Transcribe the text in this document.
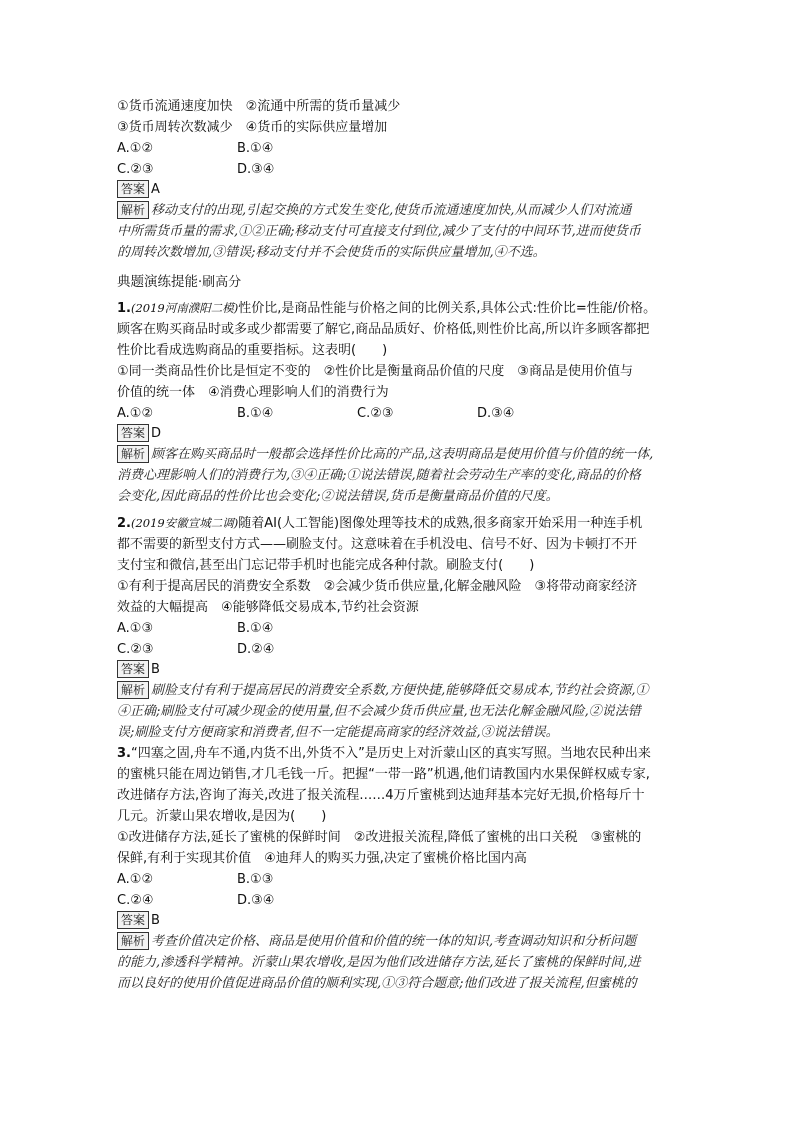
①货币流通速度加快　②流通中所需的货币量减少
③货币周转次数减少　④货币的实际供应量增加
A.①②	B.①④
C.②③	D.③④
答案 A
解析 移动支付的出现,引起交换的方式发生变化,使货币流通速度加快,从而减少人们对流通
中所需货币量的需求,①②正确;移动支付可直接支付到位,减少了支付的中间环节,进而使货币
的周转次数增加,③错误;移动支付并不会使货币的实际供应量增加,④不选。
典题演练提能·刷高分
1.(2019河南濮阳二模)性价比,是商品性能与价格之间的比例关系,具体公式:性价比=性能/价格。
顾客在购买商品时或多或少都需要了解它,商品品质好、价格低,则性价比高,所以许多顾客都把
性价比看成选购商品的重要指标。这表明(　　)
①同一类商品性价比是恒定不变的　②性价比是衡量商品价值的尺度　③商品是使用价值与
价值的统一体　④消费心理影响人们的消费行为
A.①②	B.①④	C.②③	D.③④
答案 D
解析 顾客在购买商品时一般都会选择性价比高的产品,这表明商品是使用价值与价值的统一体,
消费心理影响人们的消费行为,③④正确;①说法错误,随着社会劳动生产率的变化,商品的价格
会变化,因此商品的性价比也会变化;②说法错误,货币是衡量商品价值的尺度。
2.(2019安徽宣城二调)随着AI(人工智能)图像处理等技术的成熟,很多商家开始采用一种连手机
都不需要的新型支付方式——刷脸支付。这意味着在手机没电、信号不好、因为卡顿打不开
支付宝和微信,甚至出门忘记带手机时也能完成各种付款。刷脸支付(　　)
①有利于提高居民的消费安全系数　②会减少货币供应量,化解金融风险　③将带动商家经济
效益的大幅提高　④能够降低交易成本,节约社会资源
A.①③	B.①④
C.②③	D.②④
答案 B
解析 刷脸支付有利于提高居民的消费安全系数,方便快捷,能够降低交易成本,节约社会资源,①
④正确;刷脸支付可减少现金的使用量,但不会减少货币供应量,也无法化解金融风险,②说法错
误;刷脸支付方便商家和消费者,但不一定能提高商家的经济效益,③说法错误。
3.“四塞之固,舟车不通,内货不出,外货不入”是历史上对沂蒙山区的真实写照。当地农民种出来
的蜜桃只能在周边销售,才几毛钱一斤。把握“一带一路”机遇,他们请教国内水果保鲜权威专家,
改进储存方法,咨询了海关,改进了报关流程……4万斤蜜桃到达迪拜基本完好无损,价格每斤十
几元。沂蒙山果农增收,是因为(　　)
①改进储存方法,延长了蜜桃的保鲜时间　②改进报关流程,降低了蜜桃的出口关税　③蜜桃的
保鲜,有利于实现其价值　④迪拜人的购买力强,决定了蜜桃价格比国内高
A.①②	B.①③
C.②④	D.③④
答案 B
解析 考查价值决定价格、商品是使用价值和价值的统一体的知识,考查调动知识和分析问题
的能力,渗透科学精神。沂蒙山果农增收,是因为他们改进储存方法,延长了蜜桃的保鲜时间,进
而以良好的使用价值促进商品价值的顺利实现,①③符合题意;他们改进了报关流程,但蜜桃的
